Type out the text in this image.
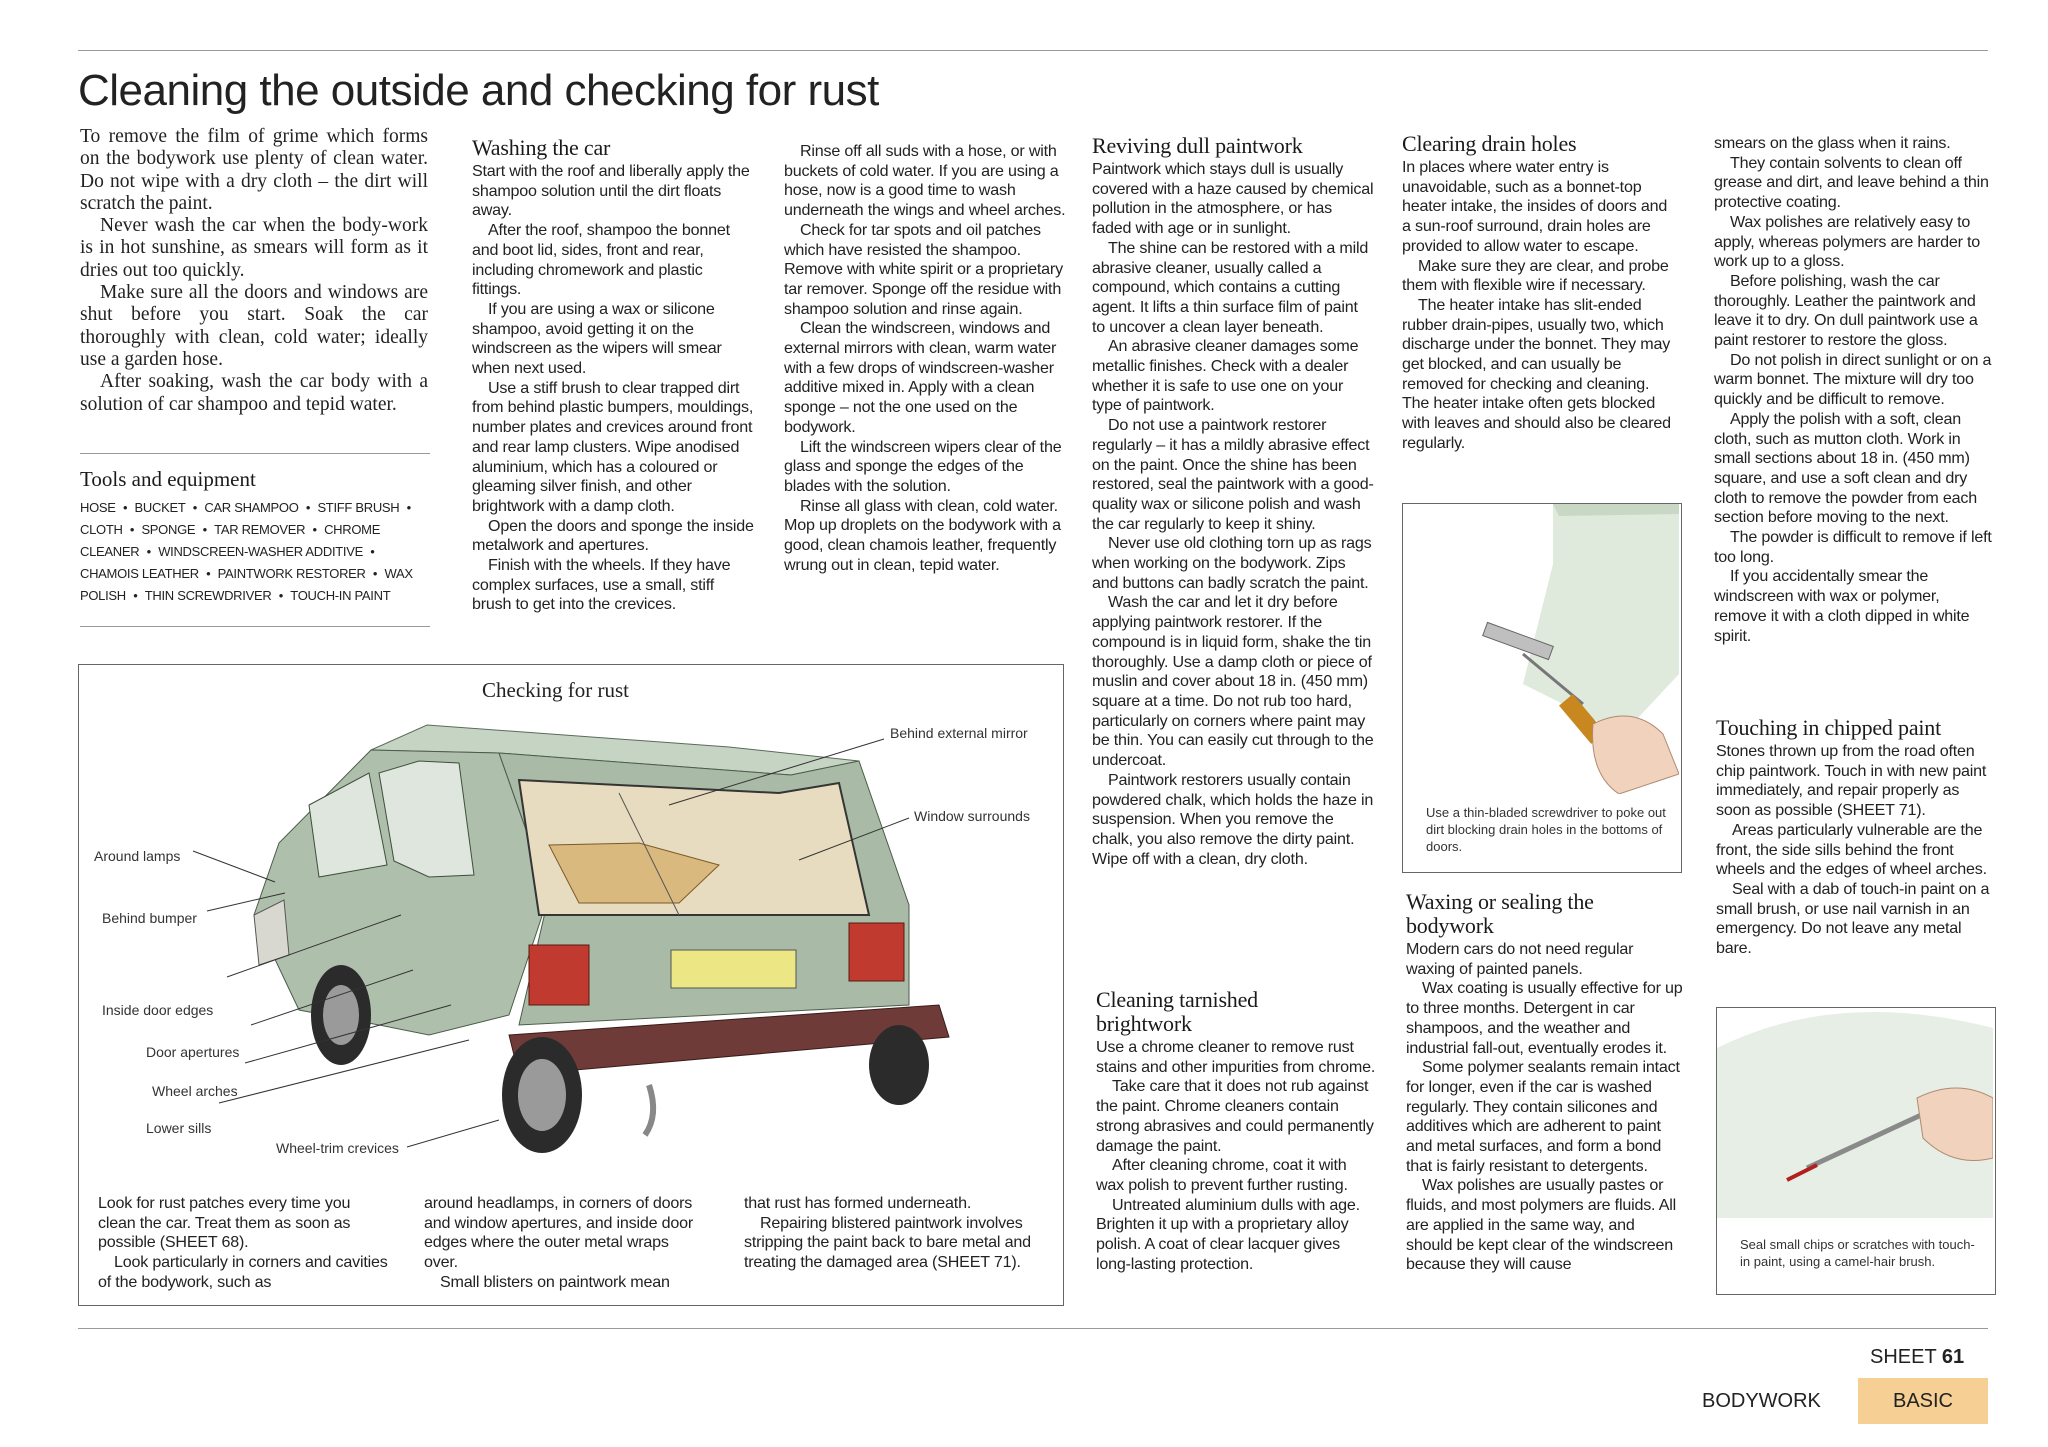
Cleaning the outside and checking for rust

To remove the film of grime which forms on the bodywork use plenty of clean water. Do not wipe with a dry cloth – the dirt will scratch the paint.

Never wash the car when the body-work is in hot sunshine, as smears will form as it dries out too quickly.

Make sure all the doors and windows are shut before you start. Soak the car thoroughly with clean, cold water; ideally use a garden hose.

After soaking, wash the car body with a solution of car shampoo and tepid water.

Tools and equipment
HOSE • BUCKET • CAR SHAMPOO • STIFF BRUSH • CLOTH • SPONGE • TAR REMOVER • CHROME CLEANER • WINDSCREEN-WASHER ADDITIVE • CHAMOIS LEATHER • PAINTWORK RESTORER • WAX POLISH • THIN SCREWDRIVER • TOUCH-IN PAINT
Washing the car

Start with the roof and liberally apply the shampoo solution until the dirt floats away.

After the roof, shampoo the bonnet and boot lid, sides, front and rear, including chromework and plastic fittings.

If you are using a wax or silicone shampoo, avoid getting it on the windscreen as the wipers will smear when next used.

Use a stiff brush to clear trapped dirt from behind plastic bumpers, mouldings, number plates and crevices around front and rear lamp clusters. Wipe anodised aluminium, which has a coloured or gleaming silver finish, and other brightwork with a damp cloth.

Open the doors and sponge the inside metalwork and apertures.

Finish with the wheels. If they have complex surfaces, use a small, stiff brush to get into the crevices.

Rinse off all suds with a hose, or with buckets of cold water. If you are using a hose, now is a good time to wash underneath the wings and wheel arches.

Check for tar spots and oil patches which have resisted the shampoo. Remove with white spirit or a proprietary tar remover. Sponge off the residue with shampoo solution and rinse again.

Clean the windscreen, windows and external mirrors with clean, warm water with a few drops of windscreen-washer additive mixed in. Apply with a clean sponge – not the one used on the bodywork.

Lift the windscreen wipers clear of the glass and sponge the edges of the blades with the solution.

Rinse all glass with clean, cold water. Mop up droplets on the bodywork with a good, clean chamois leather, frequently wrung out in clean, tepid water.

Checking for rust
Behind external mirror
Window surrounds
Around lamps
Behind bumper
Inside door edges
Door apertures
Wheel arches
Lower sills
Wheel-trim crevices

Look for rust patches every time you clean the car. Treat them as soon as possible (SHEET 68).

Look particularly in corners and cavities of the bodywork, such as

around headlamps, in corners of doors and window apertures, and inside door edges where the outer metal wraps over.

Small blisters on paintwork mean

that rust has formed underneath.

Repairing blistered paintwork involves stripping the paint back to bare metal and treating the damaged area (SHEET 71).

Reviving dull paintwork

Paintwork which stays dull is usually covered with a haze caused by chemical pollution in the atmosphere, or has faded with age or in sunlight.

The shine can be restored with a mild abrasive cleaner, usually called a compound, which contains a cutting agent. It lifts a thin surface film of paint to uncover a clean layer beneath.

An abrasive cleaner damages some metallic finishes. Check with a dealer whether it is safe to use one on your type of paintwork.

Do not use a paintwork restorer regularly – it has a mildly abrasive effect on the paint. Once the shine has been restored, seal the paintwork with a good-quality wax or silicone polish and wash the car regularly to keep it shiny.

Never use old clothing torn up as rags when working on the bodywork. Zips and buttons can badly scratch the paint.

Wash the car and let it dry before applying paintwork restorer. If the compound is in liquid form, shake the tin thoroughly. Use a damp cloth or piece of muslin and cover about 18 in. (450 mm) square at a time. Do not rub too hard, particularly on corners where paint may be thin. You can easily cut through to the undercoat.

Paintwork restorers usually contain powdered chalk, which holds the haze in suspension. When you remove the chalk, you also remove the dirty paint. Wipe off with a clean, dry cloth.

Cleaning tarnished brightwork

Use a chrome cleaner to remove rust stains and other impurities from chrome.

Take care that it does not rub against the paint. Chrome cleaners contain strong abrasives and could permanently damage the paint.

After cleaning chrome, coat it with wax polish to prevent further rusting.

Untreated aluminium dulls with age. Brighten it up with a proprietary alloy polish. A coat of clear lacquer gives long-lasting protection.

Clearing drain holes

In places where water entry is unavoidable, such as a bonnet-top heater intake, the insides of doors and a sun-roof surround, drain holes are provided to allow water to escape.

Make sure they are clear, and probe them with flexible wire if necessary.

The heater intake has slit-ended rubber drain-pipes, usually two, which discharge under the bonnet. They may get blocked, and can usually be removed for checking and cleaning. The heater intake often gets blocked with leaves and should also be cleared regularly.

Use a thin-bladed screwdriver to poke out dirt blocking drain holes in the bottoms of doors.
Waxing or sealing the bodywork

Modern cars do not need regular waxing of painted panels.

Wax coating is usually effective for up to three months. Detergent in car shampoos, and the weather and industrial fall-out, eventually erodes it.

Some polymer sealants remain intact for longer, even if the car is washed regularly. They contain silicones and additives which are adherent to paint and metal surfaces, and form a bond that is fairly resistant to detergents.

Wax polishes are usually pastes or fluids, and most polymers are fluids. All are applied in the same way, and should be kept clear of the windscreen because they will cause

smears on the glass when it rains.

They contain solvents to clean off grease and dirt, and leave behind a thin protective coating.

Wax polishes are relatively easy to apply, whereas polymers are harder to work up to a gloss.

Before polishing, wash the car thoroughly. Leather the paintwork and leave it to dry. On dull paintwork use a paint restorer to restore the gloss.

Do not polish in direct sunlight or on a warm bonnet. The mixture will dry too quickly and be difficult to remove.

Apply the polish with a soft, clean cloth, such as mutton cloth. Work in small sections about 18 in. (450 mm) square, and use a soft clean and dry cloth to remove the powder from each section before moving to the next.

The powder is difficult to remove if left too long.

If you accidentally smear the windscreen with wax or polymer, remove it with a cloth dipped in white spirit.

Touching in chipped paint

Stones thrown up from the road often chip paintwork. Touch in with new paint immediately, and repair properly as soon as possible (SHEET 71).

Areas particularly vulnerable are the front, the side sills behind the front wheels and the edges of wheel arches.

Seal with a dab of touch-in paint on a small brush, or use nail varnish in an emergency. Do not leave any metal bare.

Seal small chips or scratches with touch-in paint, using a camel-hair brush.
SHEET 61
BODYWORK	BASIC
